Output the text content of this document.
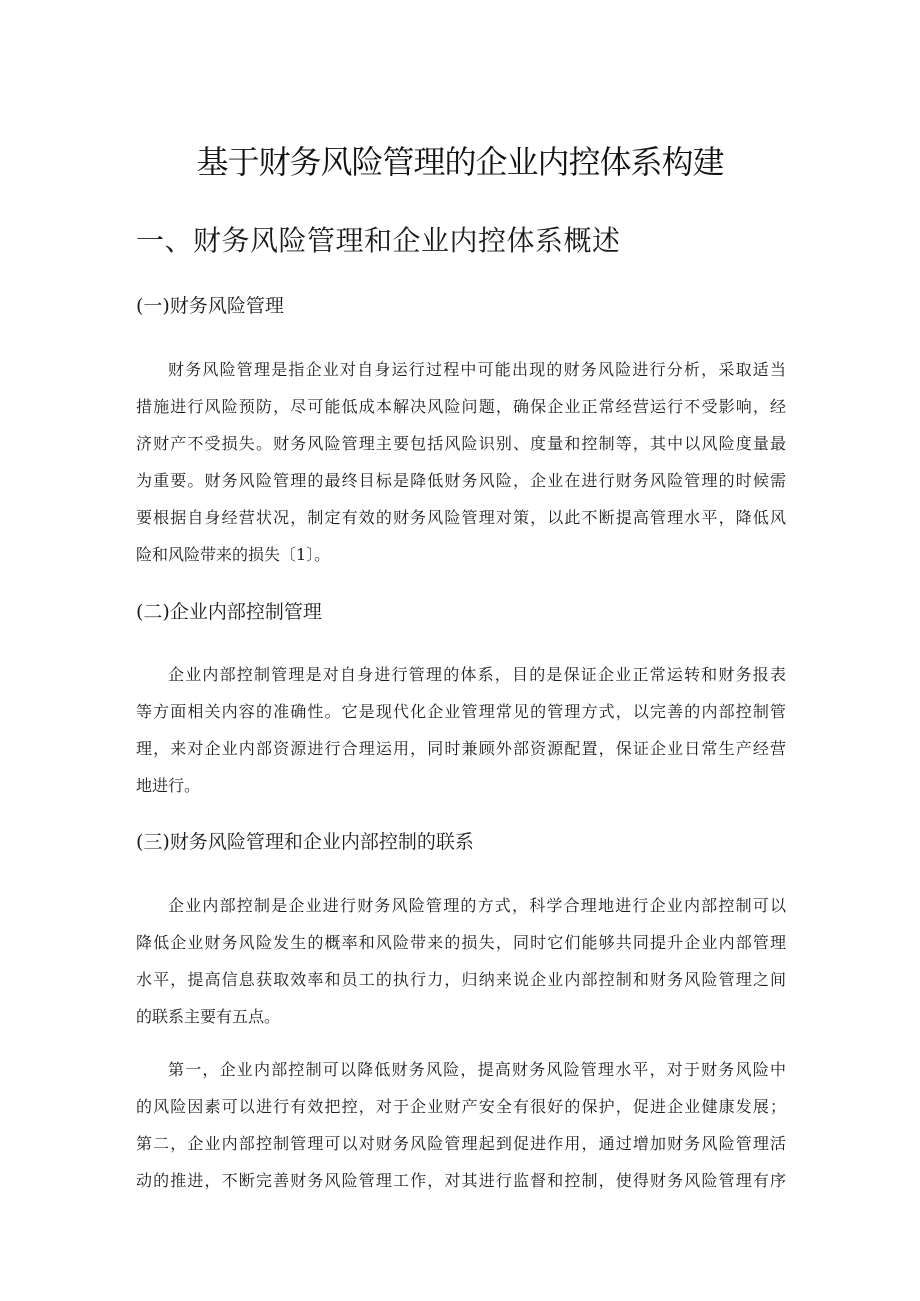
基于财务风险管理的企业内控体系构建
一、财务风险管理和企业内控体系概述
(一)财务风险管理
财务风险管理是指企业对自身运行过程中可能出现的财务风险进行分析，采取适当
措施进行风险预防，尽可能低成本解决风险问题，确保企业正常经营运行不受影响，经
济财产不受损失。财务风险管理主要包括风险识别、度量和控制等，其中以风险度量最
为重要。财务风险管理的最终目标是降低财务风险，企业在进行财务风险管理的时候需
要根据自身经营状况，制定有效的财务风险管理对策，以此不断提高管理水平，降低风
险和风险带来的损失〔1〕。
(二)企业内部控制管理
企业内部控制管理是对自身进行管理的体系，目的是保证企业正常运转和财务报表
等方面相关内容的准确性。它是现代化企业管理常见的管理方式，以完善的内部控制管
理，来对企业内部资源进行合理运用，同时兼顾外部资源配置，保证企业日常生产经营
地进行。
(三)财务风险管理和企业内部控制的联系
企业内部控制是企业进行财务风险管理的方式，科学合理地进行企业内部控制可以
降低企业财务风险发生的概率和风险带来的损失，同时它们能够共同提升企业内部管理
水平，提高信息获取效率和员工的执行力，归纳来说企业内部控制和财务风险管理之间
的联系主要有五点。
第一，企业内部控制可以降低财务风险，提高财务风险管理水平，对于财务风险中
的风险因素可以进行有效把控，对于企业财产安全有很好的保护，促进企业健康发展；
第二，企业内部控制管理可以对财务风险管理起到促进作用，通过增加财务风险管理活
动的推进，不断完善财务风险管理工作，对其进行监督和控制，使得财务风险管理有序
